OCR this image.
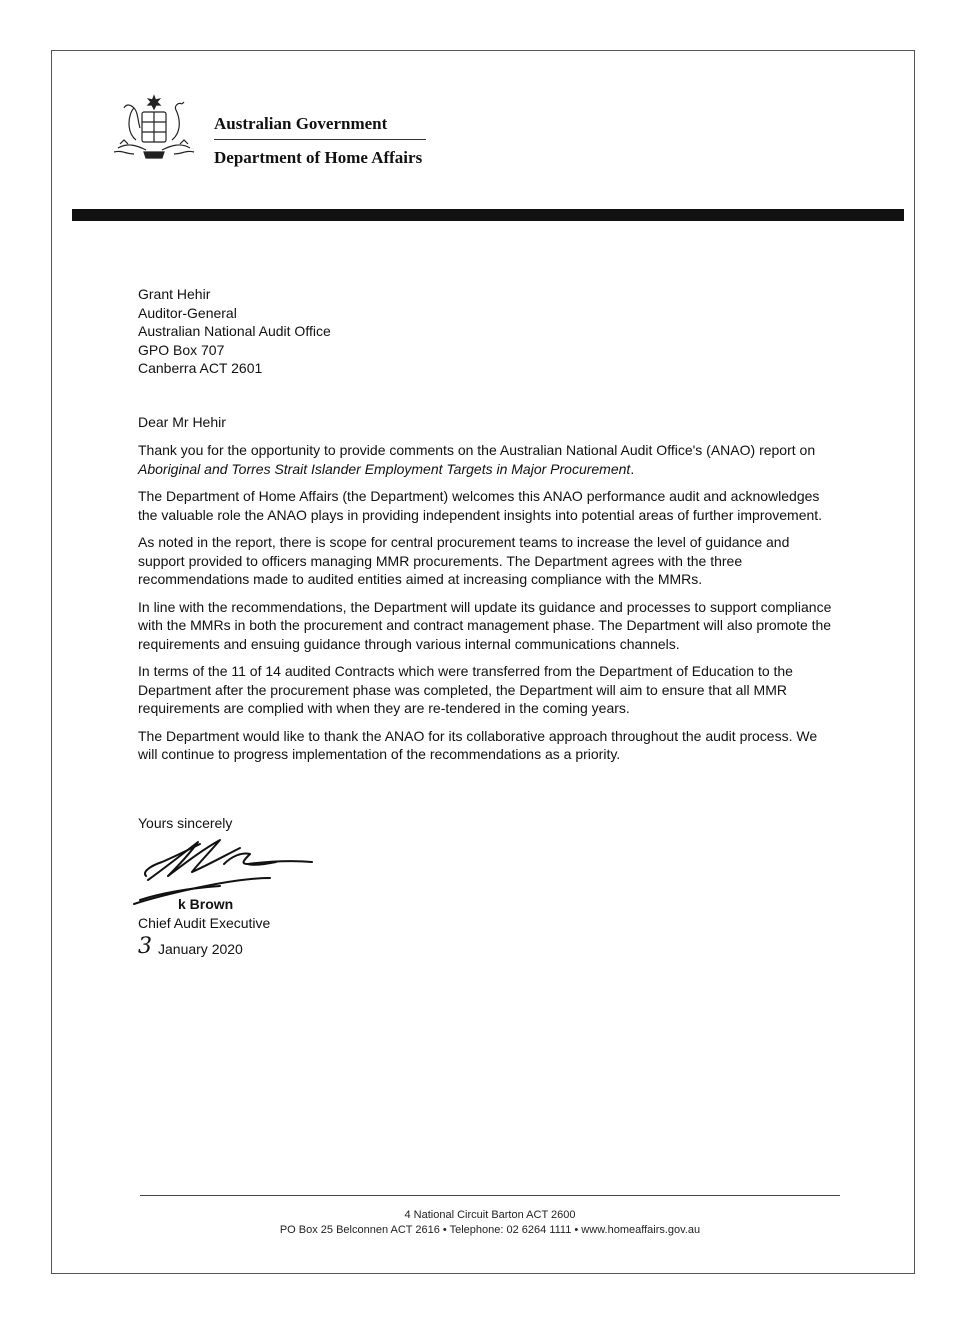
Australian Government
Department of Home Affairs
Grant Hehir
Auditor-General
Australian National Audit Office
GPO Box 707
Canberra ACT 2601
Dear Mr Hehir

Thank you for the opportunity to provide comments on the Australian National Audit Office's (ANAO) report on Aboriginal and Torres Strait Islander Employment Targets in Major Procurement.

The Department of Home Affairs (the Department) welcomes this ANAO performance audit and acknowledges the valuable role the ANAO plays in providing independent insights into potential areas of further improvement.

As noted in the report, there is scope for central procurement teams to increase the level of guidance and support provided to officers managing MMR procurements. The Department agrees with the three recommendations made to audited entities aimed at increasing compliance with the MMRs.

In line with the recommendations, the Department will update its guidance and processes to support compliance with the MMRs in both the procurement and contract management phase. The Department will also promote the requirements and ensuing guidance through various internal communications channels.

In terms of the 11 of 14 audited Contracts which were transferred from the Department of Education to the Department after the procurement phase was completed, the Department will aim to ensure that all MMR requirements are complied with when they are re-tendered in the coming years.

The Department would like to thank the ANAO for its collaborative approach throughout the audit process. We will continue to progress implementation of the recommendations as a priority.

Yours sincerely
k Brown
Chief Audit Executive
3 January 2020
4 National Circuit Barton ACT 2600
PO Box 25 Belconnen ACT 2616 • Telephone: 02 6264 1111 • www.homeaffairs.gov.au
